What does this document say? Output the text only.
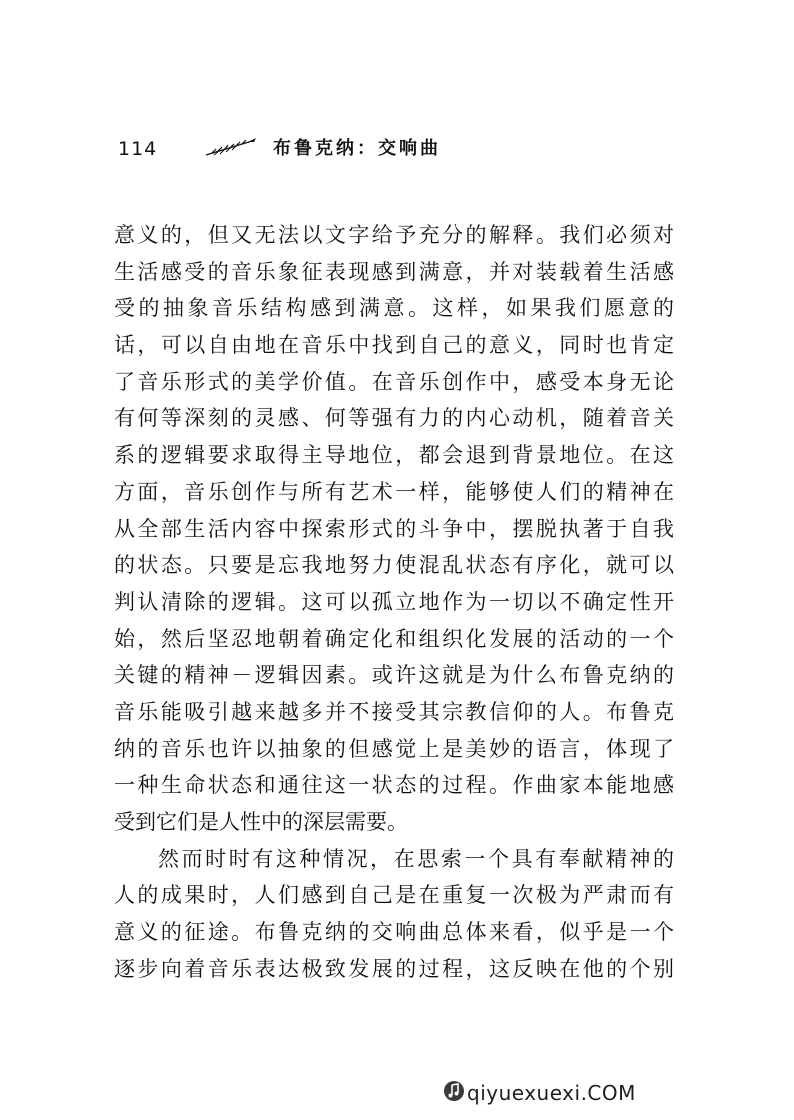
114	布鲁克纳：交响曲
意义的，但又无法以文字给予充分的解释。我们必须对
生活感受的音乐象征表现感到满意，并对装载着生活感
受的抽象音乐结构感到满意。这样，如果我们愿意的
话，可以自由地在音乐中找到自己的意义，同时也肯定
了音乐形式的美学价值。在音乐创作中，感受本身无论
有何等深刻的灵感、何等强有力的内心动机，随着音关
系的逻辑要求取得主导地位，都会退到背景地位。在这
方面，音乐创作与所有艺术一样，能够使人们的精神在
从全部生活内容中探索形式的斗争中，摆脱执著于自我
的状态。只要是忘我地努力使混乱状态有序化，就可以
判认清除的逻辑。这可以孤立地作为一切以不确定性开
始，然后坚忍地朝着确定化和组织化发展的活动的一个
关键的精神－逻辑因素。或许这就是为什么布鲁克纳的
音乐能吸引越来越多并不接受其宗教信仰的人。布鲁克
纳的音乐也许以抽象的但感觉上是美妙的语言，体现了
一种生命状态和通往这一状态的过程。作曲家本能地感
受到它们是人性中的深层需要。
然而时时有这种情况，在思索一个具有奉献精神的
人的成果时，人们感到自己是在重复一次极为严肃而有
意义的征途。布鲁克纳的交响曲总体来看，似乎是一个
逐步向着音乐表达极致发展的过程，这反映在他的个别
qiyuexuexi.COM
